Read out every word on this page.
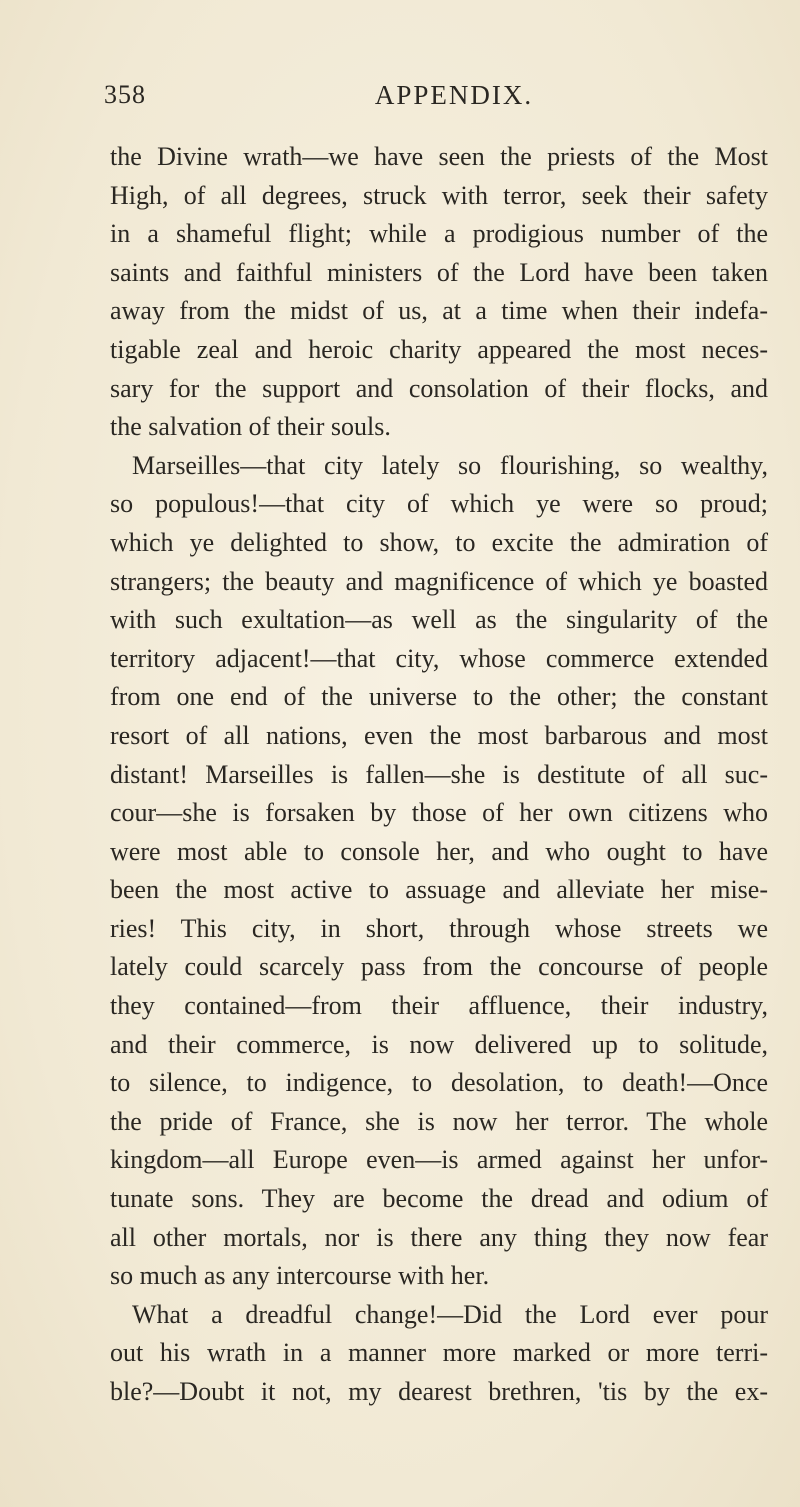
358	APPENDIX.
the Divine wrath—we have seen the priests of the Most
High, of all degrees, struck with terror, seek their safety
in a shameful flight; while a prodigious number of the
saints and faithful ministers of the Lord have been taken
away from the midst of us, at a time when their indefa-
tigable zeal and heroic charity appeared the most neces-
sary for the support and consolation of their flocks, and
the salvation of their souls.
Marseilles—that city lately so flourishing, so wealthy,
so populous!—that city of which ye were so proud;
which ye delighted to show, to excite the admiration of
strangers; the beauty and magnificence of which ye boasted
with such exultation—as well as the singularity of the
territory adjacent!—that city, whose commerce extended
from one end of the universe to the other; the constant
resort of all nations, even the most barbarous and most
distant! Marseilles is fallen—she is destitute of all suc-
cour—she is forsaken by those of her own citizens who
were most able to console her, and who ought to have
been the most active to assuage and alleviate her mise-
ries! This city, in short, through whose streets we
lately could scarcely pass from the concourse of people
they contained—from their affluence, their industry,
and their commerce, is now delivered up to solitude,
to silence, to indigence, to desolation, to death!—Once
the pride of France, she is now her terror. The whole
kingdom—all Europe even—is armed against her unfor-
tunate sons. They are become the dread and odium of
all other mortals, nor is there any thing they now fear
so much as any intercourse with her.
What a dreadful change!—Did the Lord ever pour
out his wrath in a manner more marked or more terri-
ble?—Doubt it not, my dearest brethren, 'tis by the ex-
